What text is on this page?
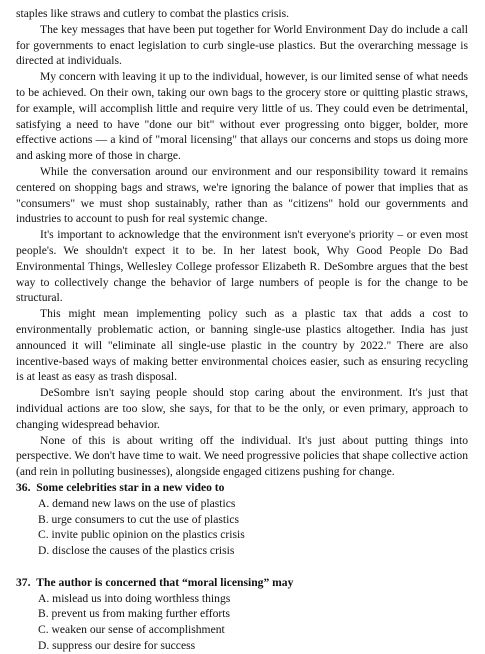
staples like straws and cutlery to combat the plastics crisis.

The key messages that have been put together for World Environment Day do include a call for governments to enact legislation to curb single-use plastics. But the overarching message is directed at individuals.

My concern with leaving it up to the individual, however, is our limited sense of what needs to be achieved. On their own, taking our own bags to the grocery store or quitting plastic straws, for example, will accomplish little and require very little of us. They could even be detrimental, satisfying a need to have "done our bit" without ever progressing onto bigger, bolder, more effective actions — a kind of "moral licensing" that allays our concerns and stops us doing more and asking more of those in charge.

While the conversation around our environment and our responsibility toward it remains centered on shopping bags and straws, we're ignoring the balance of power that implies that as "consumers" we must shop sustainably, rather than as "citizens" hold our governments and industries to account to push for real systemic change.

It's important to acknowledge that the environment isn't everyone's priority – or even most people's. We shouldn't expect it to be. In her latest book, Why Good People Do Bad Environmental Things, Wellesley College professor Elizabeth R. DeSombre argues that the best way to collectively change the behavior of large numbers of people is for the change to be structural.

This might mean implementing policy such as a plastic tax that adds a cost to environmentally problematic action, or banning single-use plastics altogether. India has just announced it will "eliminate all single-use plastic in the country by 2022." There are also incentive-based ways of making better environmental choices easier, such as ensuring recycling is at least as easy as trash disposal.

DeSombre isn't saying people should stop caring about the environment. It's just that individual actions are too slow, she says, for that to be the only, or even primary, approach to changing widespread behavior.

None of this is about writing off the individual. It's just about putting things into perspective. We don't have time to wait. We need progressive policies that shape collective action (and rein in polluting businesses), alongside engaged citizens pushing for change.

36. Some celebrities star in a new video to

A. demand new laws on the use of plastics
B. urge consumers to cut the use of plastics
C. invite public opinion on the plastics crisis
D. disclose the causes of the plastics crisis

37. The author is concerned that “moral licensing” may

A. mislead us into doing worthless things
B. prevent us from making further efforts
C. weaken our sense of accomplishment
D. suppress our desire for success
